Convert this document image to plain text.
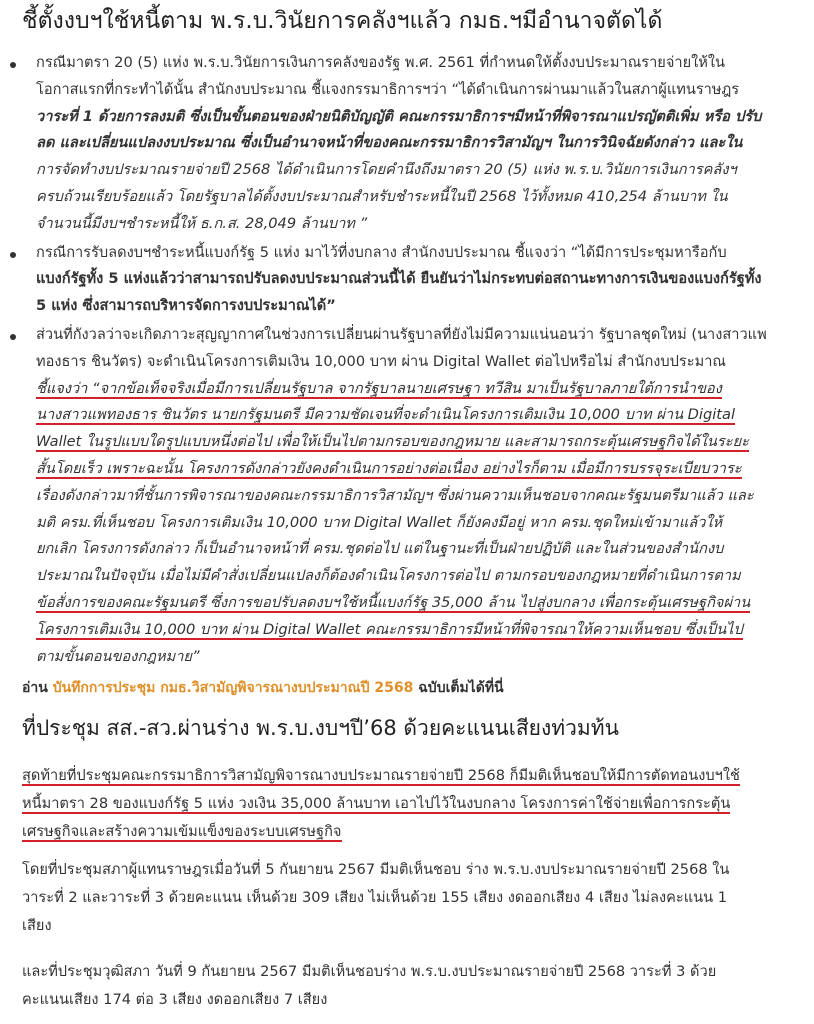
ชี้ตั้งงบฯใช้หนี้ตาม พ.ร.บ.วินัยการคลังฯแล้ว กมธ.ฯมีอำนาจตัดได้
กรณีมาตรา 20 (5) แห่ง พ.ร.บ.วินัยการเงินการคลังของรัฐ พ.ศ. 2561 ที่กำหนดให้ตั้งงบประมาณรายจ่ายให้ใน
โอกาสแรกที่กระทำได้นั้น สำนักงบประมาณ ชี้แจงกรรมาธิการฯว่า “ได้ดำเนินการผ่านมาแล้วในสภาผู้แทนราษฎร
วาระที่ 1 ด้วยการลงมติ ซึ่งเป็นขั้นตอนของฝ่ายนิติบัญญัติ คณะกรรมาธิการฯมีหน้าที่พิจารณาแปรญัตติเพิ่ม หรือ ปรับ
ลด และเปลี่ยนแปลงงบประมาณ ซึ่งเป็นอำนาจหน้าที่ของคณะกรรมาธิการวิสามัญฯ ในการวินิจฉัยดังกล่าว และใน
การจัดทำงบประมาณรายจ่ายปี 2568 ได้ดำเนินการโดยคำนึงถึงมาตรา 20 (5) แห่ง พ.ร.บ.วินัยการเงินการคลังฯ
ครบถ้วนเรียบร้อยแล้ว โดยรัฐบาลได้ตั้งงบประมาณสำหรับชำระหนี้ในปี 2568 ไว้ทั้งหมด 410,254 ล้านบาท ใน
จำนวนนี้มีงบฯชำระหนี้ให้ ธ.ก.ส. 28,049 ล้านบาท ”
กรณีการรับลดงบฯชำระหนี้แบงก์รัฐ 5 แห่ง มาไว้ที่งบกลาง สำนักงบประมาณ ชี้แจงว่า “ได้มีการประชุมหารือกับ
แบงก์รัฐทั้ง 5 แห่งแล้วว่าสามารถปรับลดงบประมาณส่วนนี้ได้ ยืนยันว่าไม่กระทบต่อสถานะทางการเงินของแบงก์รัฐทั้ง
5 แห่ง ซึ่งสามารถบริหารจัดการงบประมาณได้”
ส่วนที่กังวลว่าจะเกิดภาวะสุญญากาศในช่วงการเปลี่ยนผ่านรัฐบาลที่ยังไม่มีความแน่นอนว่า รัฐบาลชุดใหม่ (นางสาวแพ
ทองธาร ชินวัตร) จะดำเนินโครงการเติมเงิน 10,000 บาท ผ่าน Digital Wallet ต่อไปหรือไม่ สำนักงบประมาณ
ชี้แจงว่า “จากข้อเท็จจริงเมื่อมีการเปลี่ยนรัฐบาล จากรัฐบาลนายเศรษฐา ทวีสิน มาเป็นรัฐบาลภายใต้การนำของ
นางสาวแพทองธาร ชินวัตร นายกรัฐมนตรี มีความชัดเจนที่จะดำเนินโครงการเติมเงิน 10,000 บาท ผ่าน Digital
Wallet ในรูปแบบใดรูปแบบหนึ่งต่อไป เพื่อให้เป็นไปตามกรอบของกฎหมาย และสามารถกระตุ้นเศรษฐกิจได้ในระยะ
สั้นโดยเร็ว เพราะฉะนั้น โครงการดังกล่าวยังคงดำเนินการอย่างต่อเนื่อง อย่างไรก็ตาม เมื่อมีการบรรจุระเบียบวาระ
เรื่องดังกล่าวมาที่ชั้นการพิจารณาของคณะกรรมาธิการวิสามัญฯ ซึ่งผ่านความเห็นชอบจากคณะรัฐมนตรีมาแล้ว และ
มติ ครม.ที่เห็นชอบ โครงการเติมเงิน 10,000 บาท Digital Wallet ก็ยังคงมีอยู่ หาก ครม.ชุดใหม่เข้ามาแล้วให้
ยกเลิก โครงการดังกล่าว ก็เป็นอำนาจหน้าที่ ครม.ชุดต่อไป แต่ในฐานะที่เป็นฝ่ายปฏิบัติ และในส่วนของสำนักงบ
ประมาณในปัจจุบัน เมื่อไม่มีคำสั่งเปลี่ยนแปลงก็ต้องดำเนินโครงการต่อไป ตามกรอบของกฎหมายที่ดำเนินการตาม
ข้อสั่งการของคณะรัฐมนตรี ซึ่งการขอปรับลดงบฯใช้หนี้แบงก์รัฐ 35,000 ล้าน ไปสู่งบกลาง เพื่อกระตุ้นเศรษฐกิจผ่าน
โครงการเติมเงิน 10,000 บาท ผ่าน Digital Wallet คณะกรรมาธิการมีหน้าที่พิจารณาให้ความเห็นชอบ ซึ่งเป็นไป
ตามขั้นตอนของกฎหมาย”
อ่าน บันทึกการประชุม กมธ.วิสามัญพิจารณางบประมาณปี 2568 ฉบับเต็มได้ที่นี่
ที่ประชุม สส.-สว.ผ่านร่าง พ.ร.บ.งบฯปี’68 ด้วยคะแนนเสียงท่วมท้น
สุดท้ายที่ประชุมคณะกรรมาธิการวิสามัญพิจารณางบประมาณรายจ่ายปี 2568 ก็มีมติเห็นชอบให้มีการตัดทอนงบฯใช้
หนี้มาตรา 28 ของแบงก์รัฐ 5 แห่ง วงเงิน 35,000 ล้านบาท เอาไปไว้ในงบกลาง โครงการค่าใช้จ่ายเพื่อการกระตุ้น
เศรษฐกิจและสร้างความเข้มแข็งของระบบเศรษฐกิจ
โดยที่ประชุมสภาผู้แทนราษฎรเมื่อวันที่ 5 กันยายน 2567 มีมติเห็นชอบ ร่าง พ.ร.บ.งบประมาณรายจ่ายปี 2568 ใน
วาระที่ 2 และวาระที่ 3 ด้วยคะแนน เห็นด้วย 309 เสียง ไม่เห็นด้วย 155 เสียง งดออกเสียง 4 เสียง ไม่ลงคะแนน 1
เสียง
และที่ประชุมวุฒิสภา วันที่ 9 กันยายน 2567 มีมติเห็นชอบร่าง พ.ร.บ.งบประมาณรายจ่ายปี 2568 วาระที่ 3 ด้วย
คะแนนเสียง 174 ต่อ 3 เสียง งดออกเสียง 7 เสียง
